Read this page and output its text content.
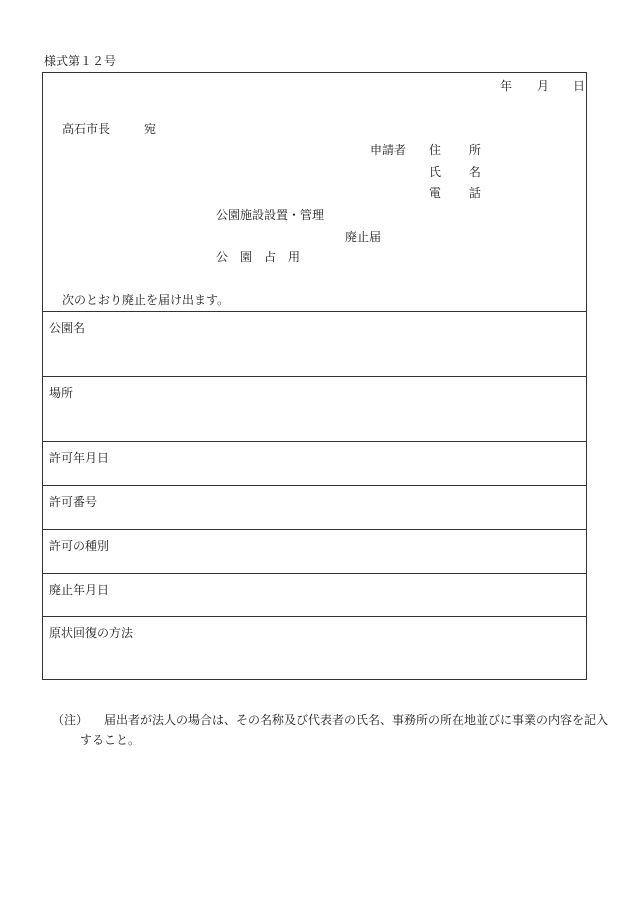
様式第１２号
年 月 日
高石市長	宛
申請者 住 所
氏 名
電 話
公園施設設置・管理
廃止届
公園占用
次のとおり廃止を届け出ます。
公園名
場所
許可年月日
許可番号
許可の種別
廃止年月日
原状回復の方法
（注） 届出者が法人の場合は、その名称及び代表者の氏名、事務所の所在地並びに事業の内容を記入
すること。
